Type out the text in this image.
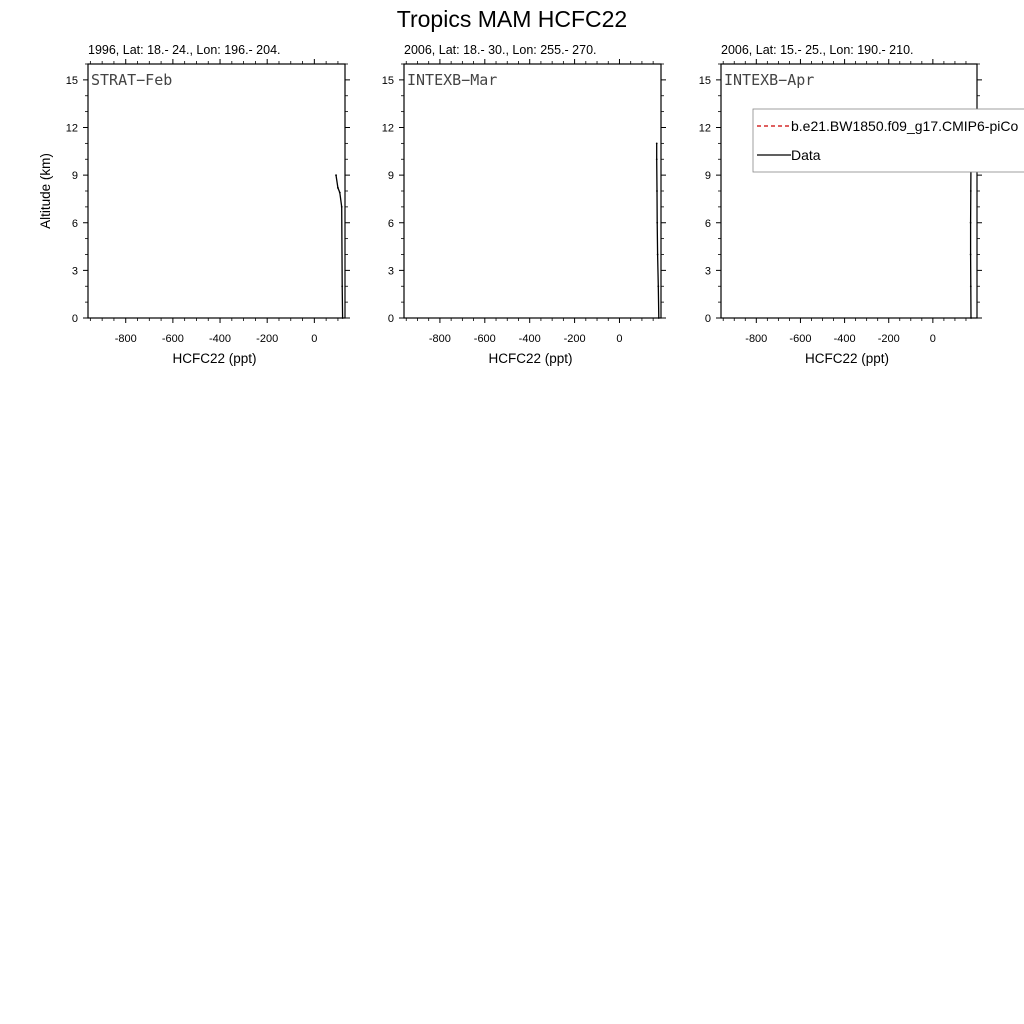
Tropics MAM HCFC22
1996, Lat: 18.- 24., Lon: 196.- 204.
STRAT−Feb
0
3
6
9
12
15
-800 -600 -400 -200	0
HCFC22 (ppt)
Altitude (km)
2006, Lat: 18.- 30., Lon: 255.- 270.
INTEXB−Mar
0
3
6
9
12
15
-800 -600 -400 -200	0
HCFC22 (ppt)
2006, Lat: 15.- 25., Lon: 190.- 210.
INTEXB−Apr
0
3
6
9
12
15
-800 -600 -400 -200	0
HCFC22 (ppt)
b.e21.BW1850.f09_g17.CMIP6-piCo
Data
